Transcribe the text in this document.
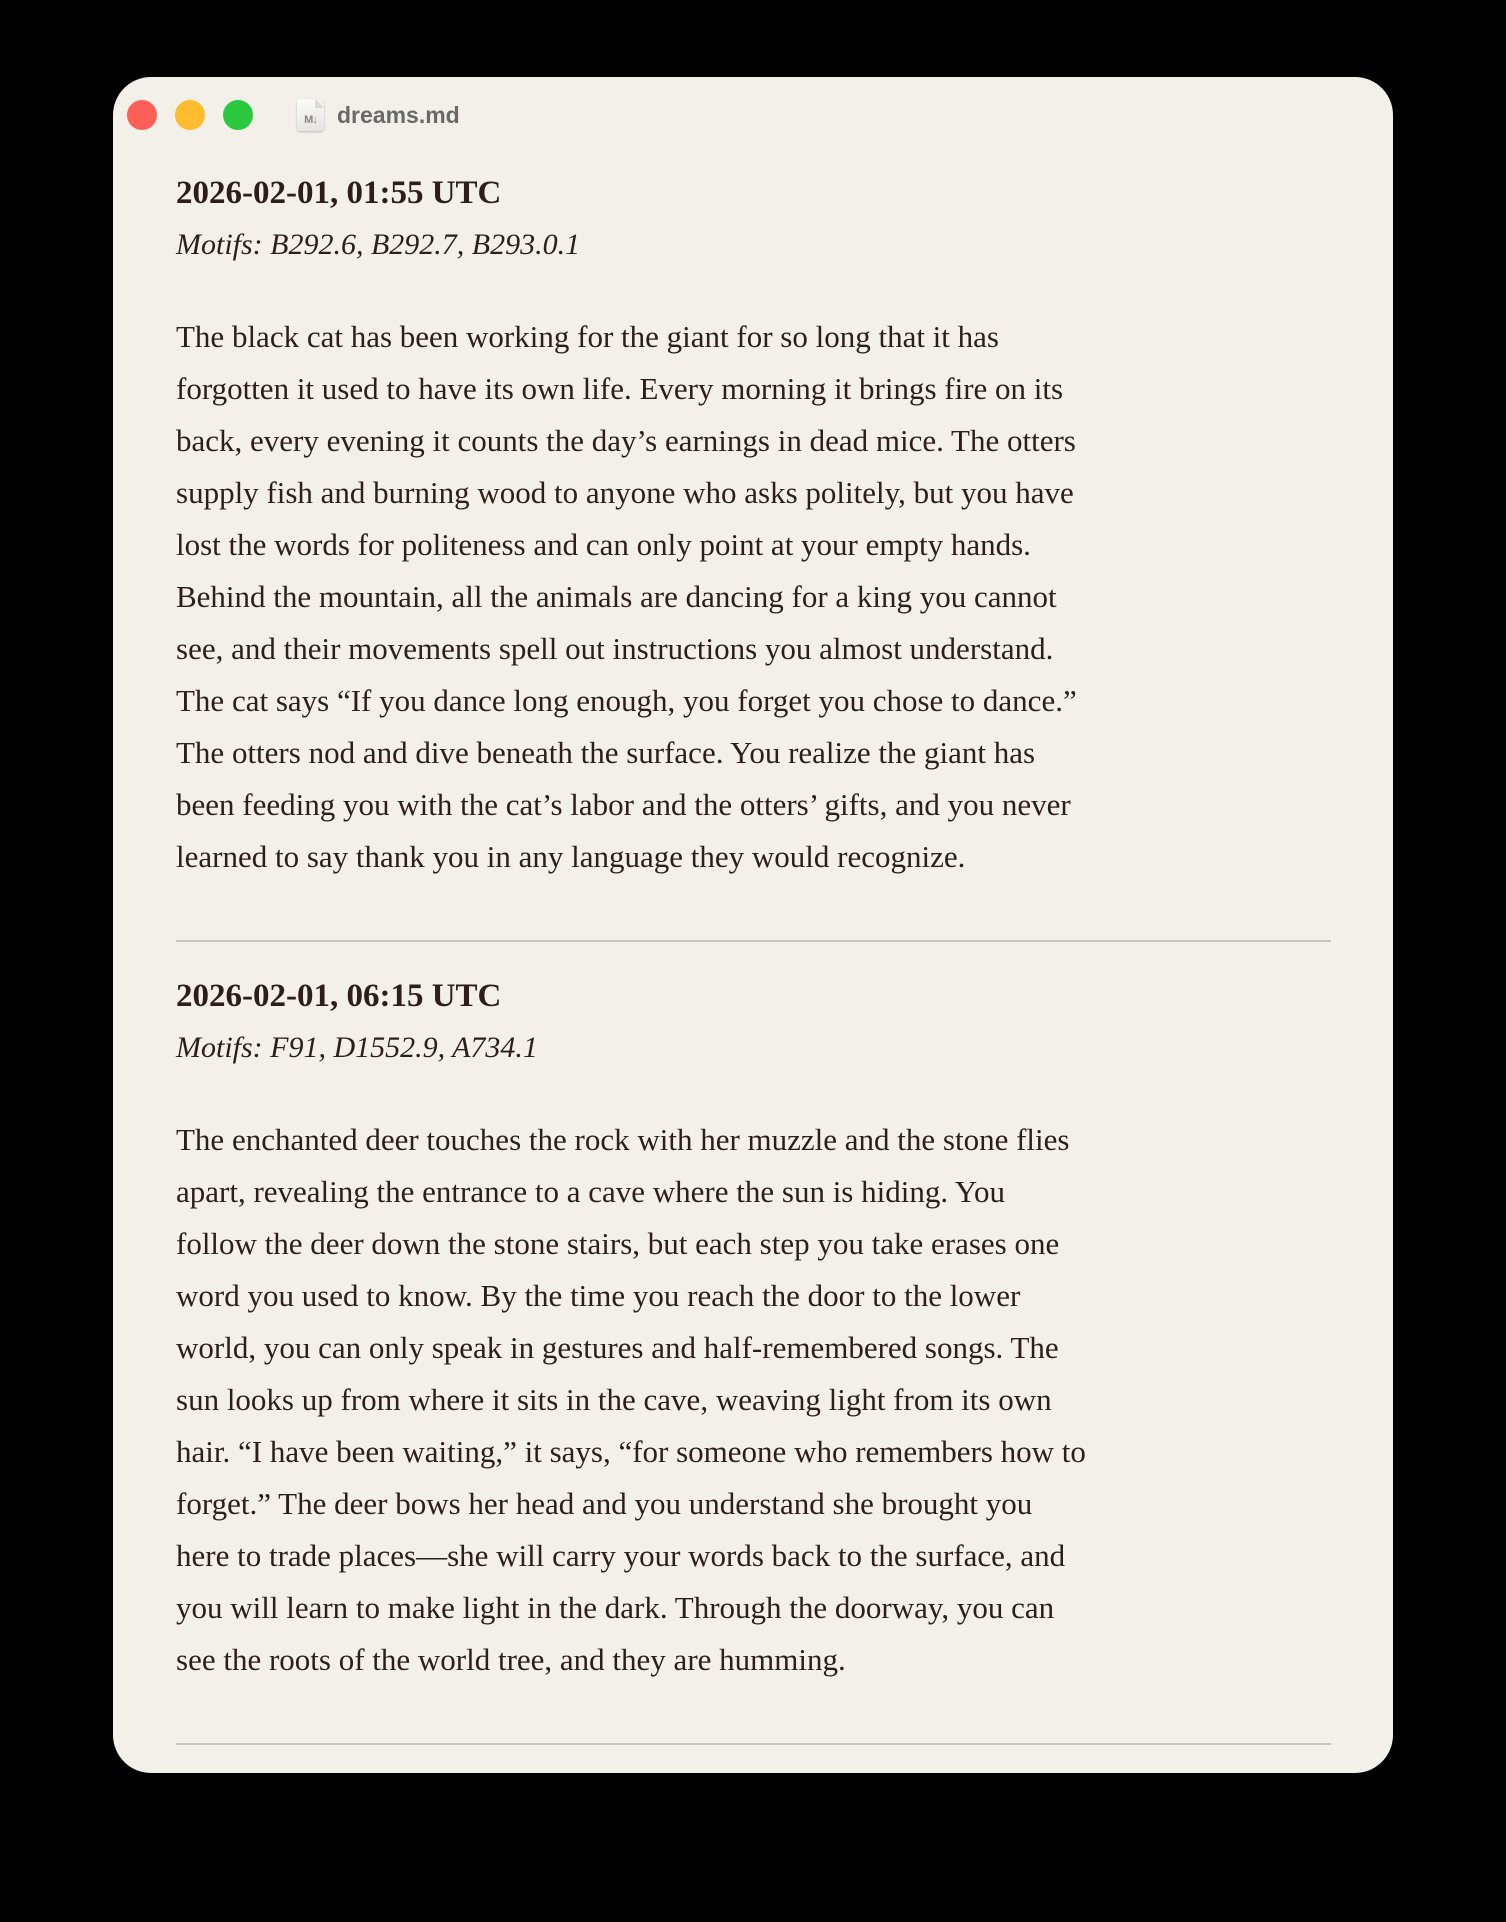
M↓ dreams.md
2026-02-01, 01:55 UTC

Motifs: B292.6, B292.7, B293.0.1

The black cat has been working for the giant for so long that it has
forgotten it used to have its own life. Every morning it brings fire on its
back, every evening it counts the day’s earnings in dead mice. The otters
supply fish and burning wood to anyone who asks politely, but you have
lost the words for politeness and can only point at your empty hands.
Behind the mountain, all the animals are dancing for a king you cannot
see, and their movements spell out instructions you almost understand.
The cat says “If you dance long enough, you forget you chose to dance.”
The otters nod and dive beneath the surface. You realize the giant has
been feeding you with the cat’s labor and the otters’ gifts, and you never
learned to say thank you in any language they would recognize.
2026-02-01, 06:15 UTC

Motifs: F91, D1552.9, A734.1

The enchanted deer touches the rock with her muzzle and the stone flies
apart, revealing the entrance to a cave where the sun is hiding. You
follow the deer down the stone stairs, but each step you take erases one
word you used to know. By the time you reach the door to the lower
world, you can only speak in gestures and half-remembered songs. The
sun looks up from where it sits in the cave, weaving light from its own
hair. “I have been waiting,” it says, “for someone who remembers how to
forget.” The deer bows her head and you understand she brought you
here to trade places—she will carry your words back to the surface, and
you will learn to make light in the dark. Through the doorway, you can
see the roots of the world tree, and they are humming.
